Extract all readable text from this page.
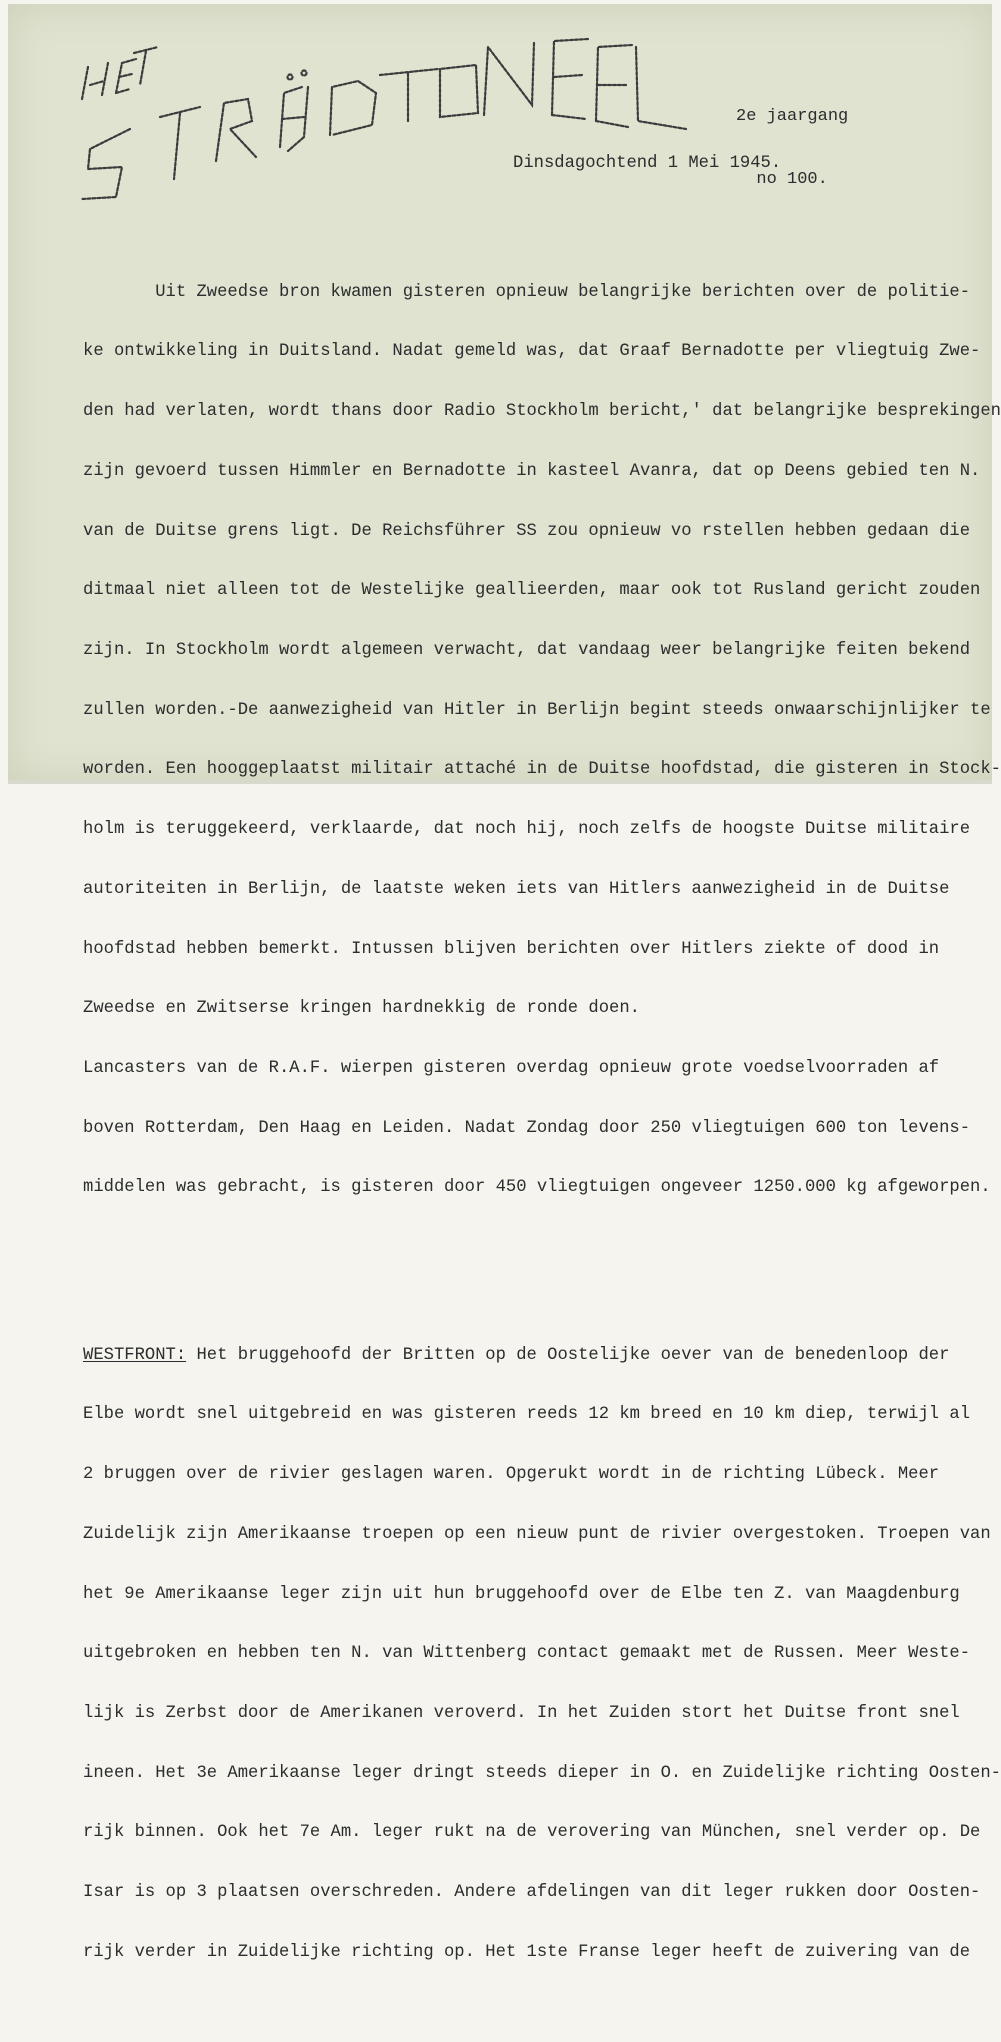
2e jaargang

no 100.

Dinsdagochtend 1 Mei 1945.

Uit Zweedse bron kwamen gisteren opnieuw belangrijke berichten over de politie-

ke ontwikkeling in Duitsland. Nadat gemeld was, dat Graaf Bernadotte per vliegtuig Zwe-

den had verlaten, wordt thans door Radio Stockholm bericht,' dat belangrijke besprekingen

zijn gevoerd tussen Himmler en Bernadotte in kasteel Avanra, dat op Deens gebied ten N.

van de Duitse grens ligt. De Reichsführer SS zou opnieuw vo rstellen hebben gedaan die

ditmaal niet alleen tot de Westelijke geallieerden, maar ook tot Rusland gericht zouden

zijn. In Stockholm wordt algemeen verwacht, dat vandaag weer belangrijke feiten bekend

zullen worden.-De aanwezigheid van Hitler in Berlijn begint steeds onwaarschijnlijker te

worden. Een hooggeplaatst militair attaché in de Duitse hoofdstad, die gisteren in Stock-

holm is teruggekeerd, verklaarde, dat noch hij, noch zelfs de hoogste Duitse militaire

autoriteiten in Berlijn, de laatste weken iets van Hitlers aanwezigheid in de Duitse

hoofdstad hebben bemerkt. Intussen blijven berichten over Hitlers ziekte of dood in

Zweedse en Zwitserse kringen hardnekkig de ronde doen.

Lancasters van de R.A.F. wierpen gisteren overdag opnieuw grote voedselvoorraden af

boven Rotterdam, Den Haag en Leiden. Nadat Zondag door 250 vliegtuigen 600 ton levens-

middelen was gebracht, is gisteren door 450 vliegtuigen ongeveer 1250.000 kg afgeworpen.

WESTFRONT: Het bruggehoofd der Britten op de Oostelijke oever van de benedenloop der

Elbe wordt snel uitgebreid en was gisteren reeds 12 km breed en 10 km diep, terwijl al

2 bruggen over de rivier geslagen waren. Opgerukt wordt in de richting Lübeck. Meer

Zuidelijk zijn Amerikaanse troepen op een nieuw punt de rivier overgestoken. Troepen van

het 9e Amerikaanse leger zijn uit hun bruggehoofd over de Elbe ten Z. van Maagdenburg

uitgebroken en hebben ten N. van Wittenberg contact gemaakt met de Russen. Meer Weste-

lijk is Zerbst door de Amerikanen veroverd. In het Zuiden stort het Duitse front snel

ineen. Het 3e Amerikaanse leger dringt steeds dieper in O. en Zuidelijke richting Oosten-

rijk binnen. Ook het 7e Am. leger rukt na de verovering van München, snel verder op. De

Isar is op 3 plaatsen overschreden. Andere afdelingen van dit leger rukken door Oosten-

rijk verder in Zuidelijke richting op. Het 1ste Franse leger heeft de zuivering van de
